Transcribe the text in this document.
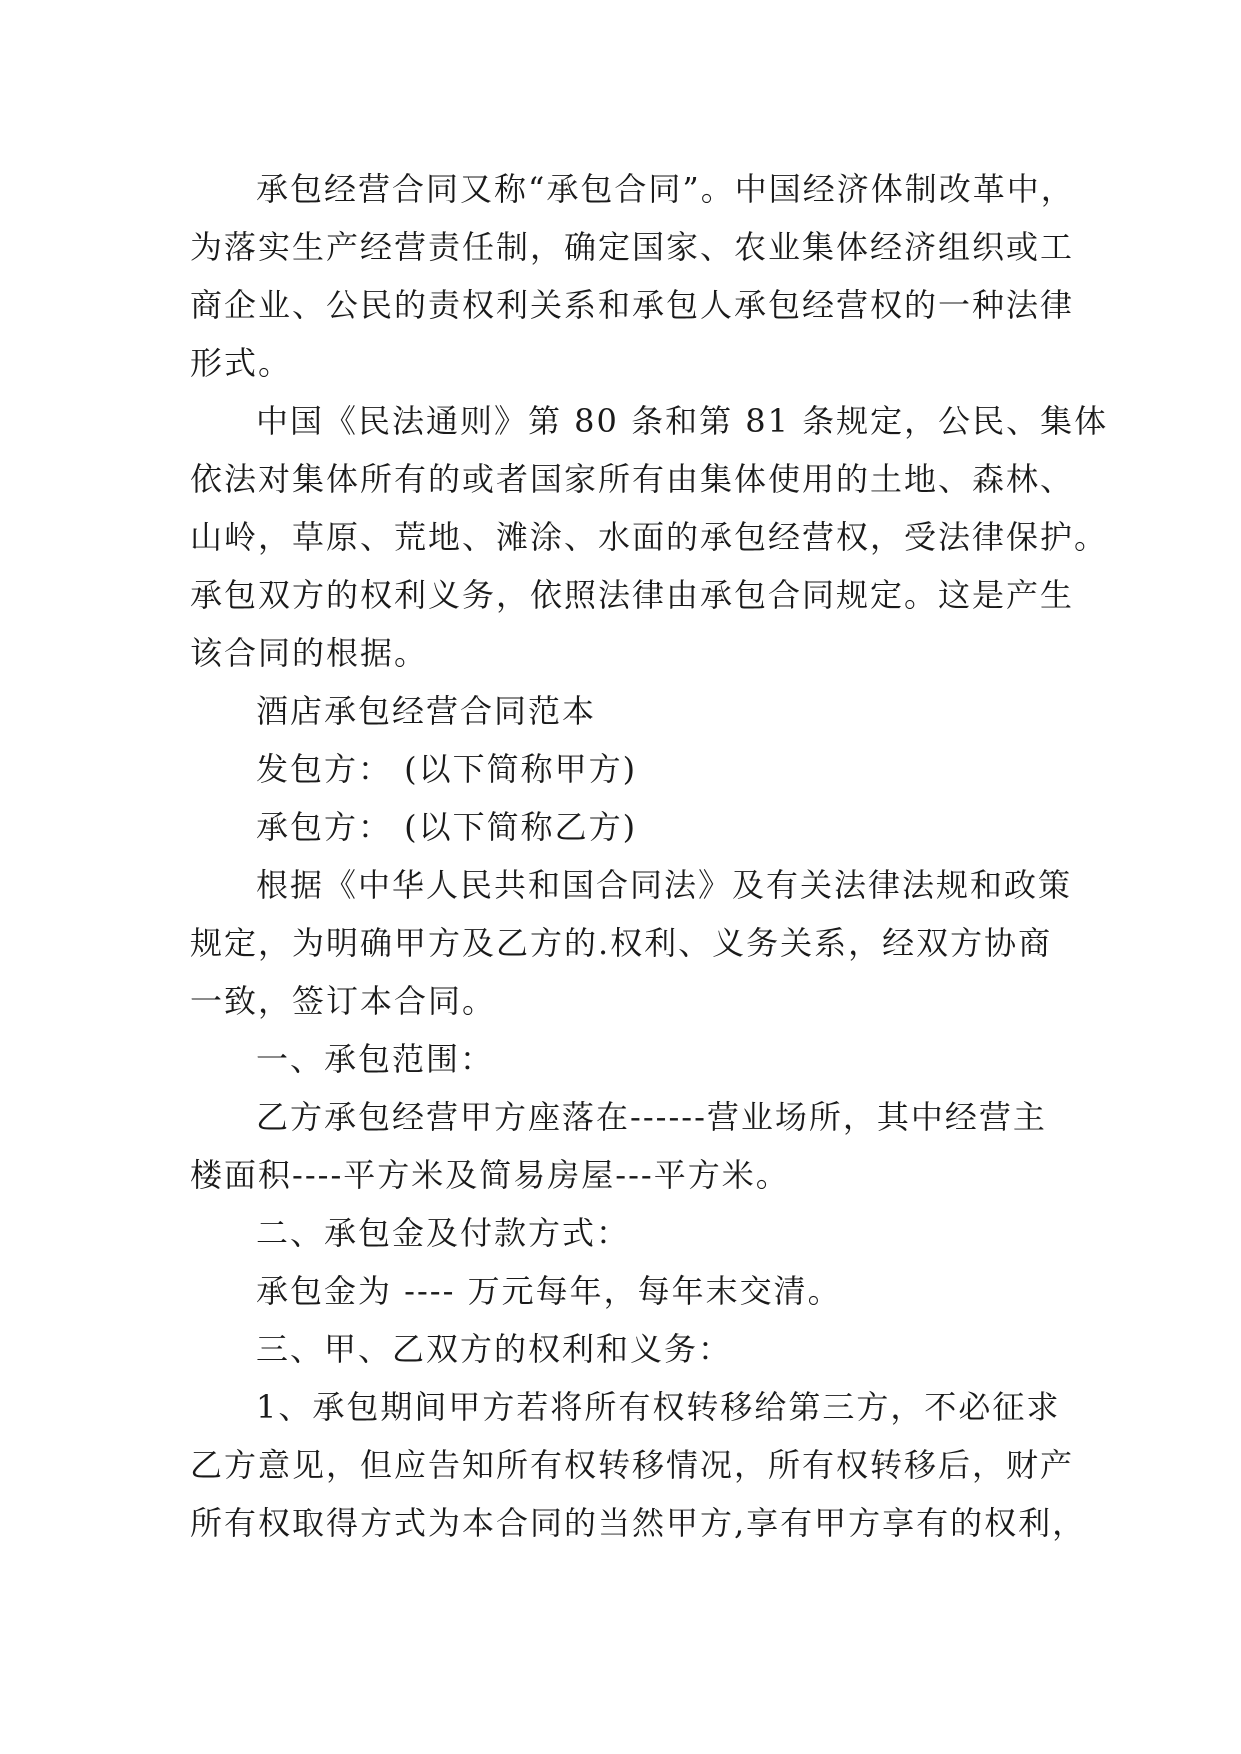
承包经营合同又称“承包合同”。中国经济体制改革中，
为落实生产经营责任制，确定国家、农业集体经济组织或工
商企业、公民的责权利关系和承包人承包经营权的一种法律
形式。
中国《民法通则》第 80 条和第 81 条规定，公民、集体
依法对集体所有的或者国家所有由集体使用的土地、森林、
山岭，草原、荒地、滩涂、水面的承包经营权，受法律保护。
承包双方的权利义务，依照法律由承包合同规定。这是产生
该合同的根据。
酒店承包经营合同范本
发包方： (以下简称甲方)
承包方： (以下简称乙方)
根据《中华人民共和国合同法》及有关法律法规和政策
规定，为明确甲方及乙方的.权利、义务关系，经双方协商
一致，签订本合同。
一、承包范围：
乙方承包经营甲方座落在------营业场所，其中经营主
楼面积----平方米及简易房屋---平方米。
二、承包金及付款方式：
承包金为 ---- 万元每年，每年末交清。
三、甲、乙双方的权利和义务：
1、承包期间甲方若将所有权转移给第三方，不必征求
乙方意见，但应告知所有权转移情况，所有权转移后，财产
所有权取得方式为本合同的当然甲方,享有甲方享有的权利，
